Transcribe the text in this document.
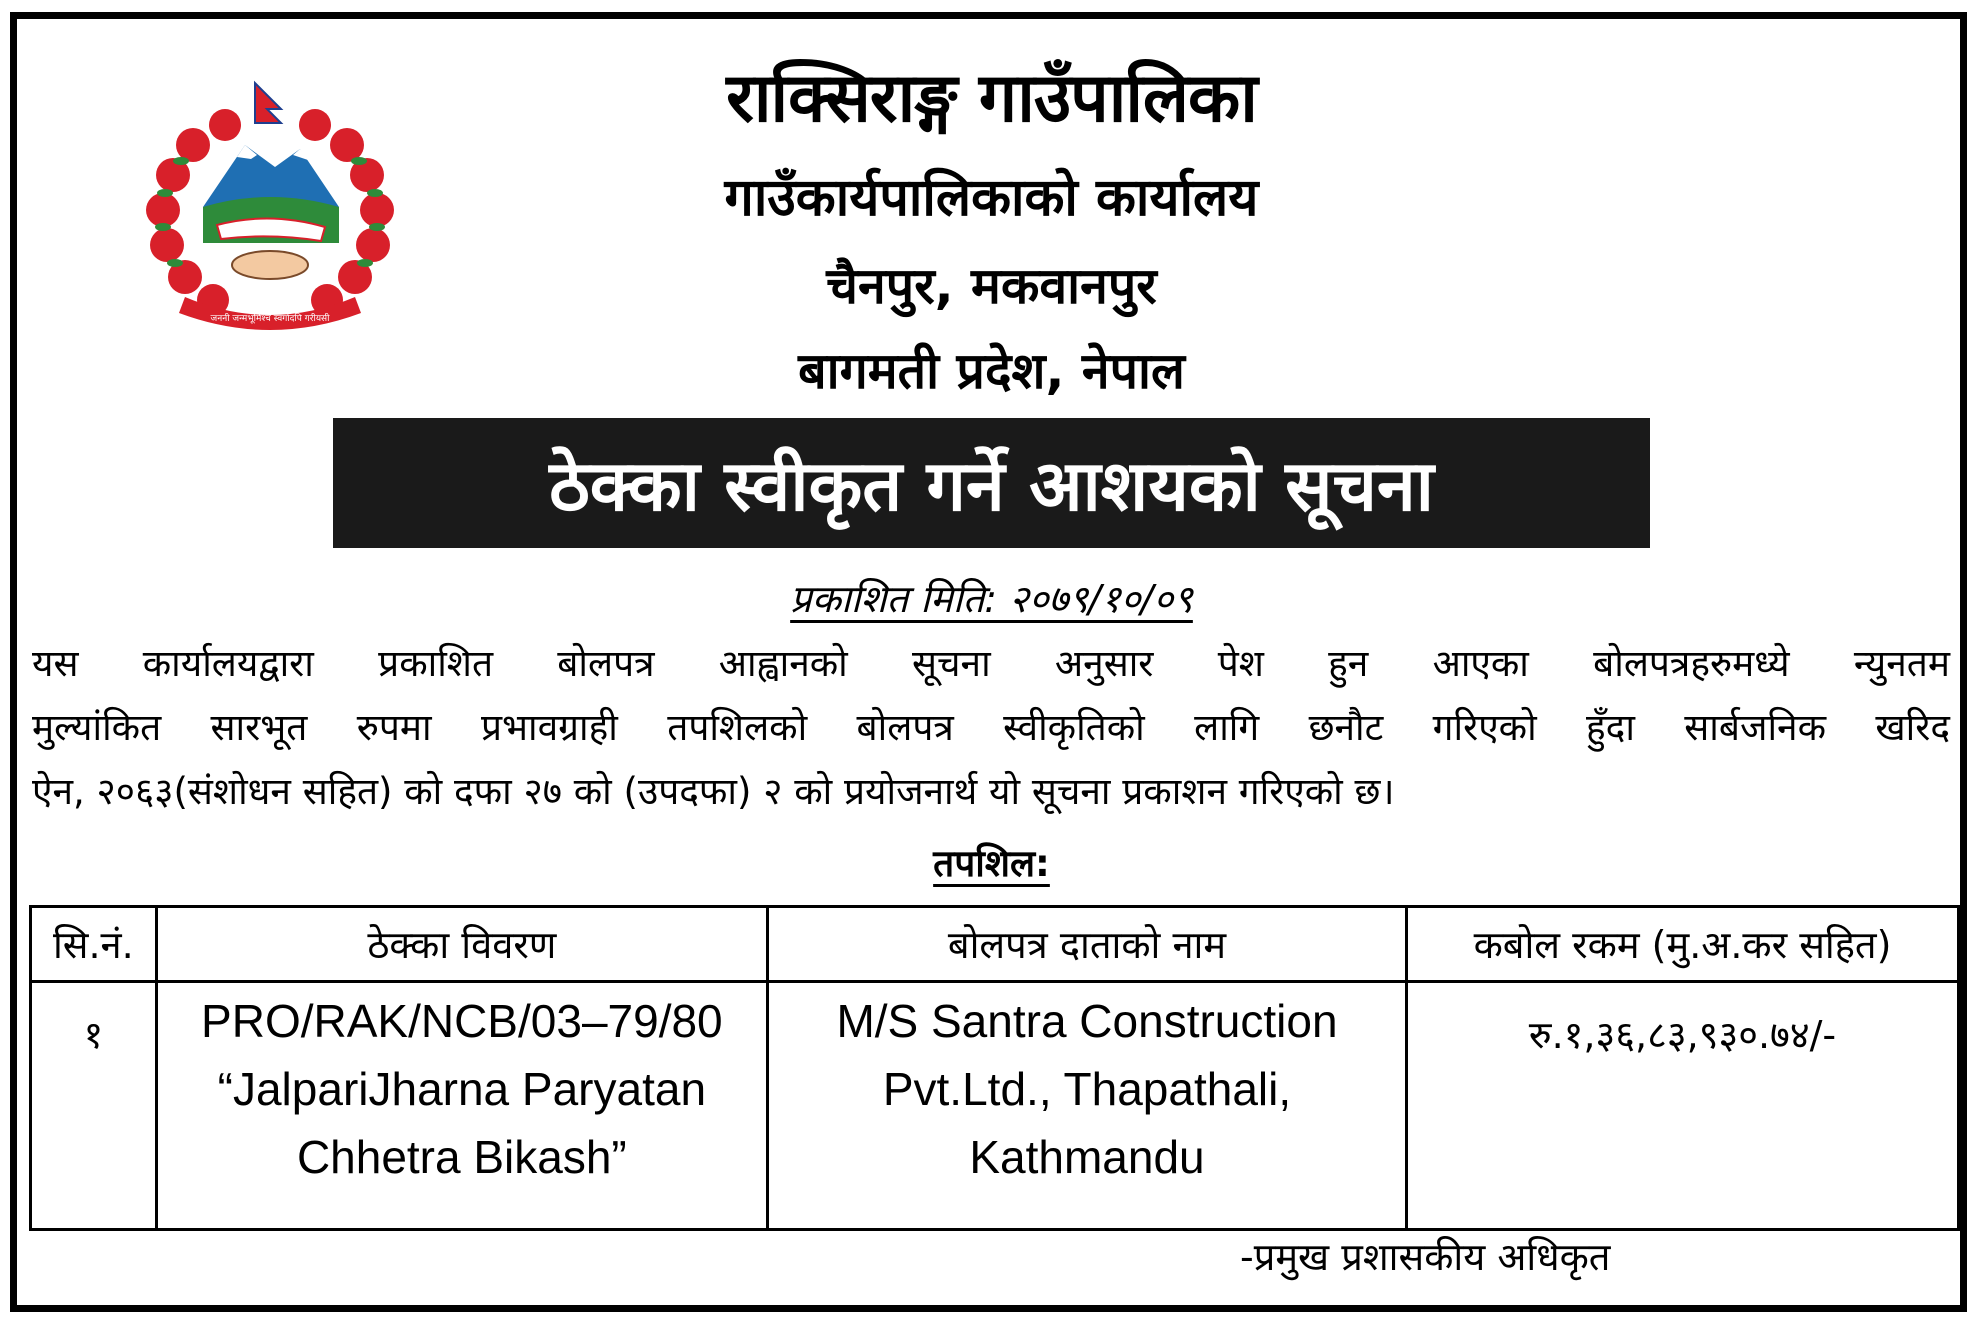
जननी जन्मभूमिश्च स्वर्गादपि गरीयसी
राक्सिराङ्ग गाउँपालिका
गाउँकार्यपालिकाको कार्यालय
चैनपुर, मकवानपुर
बागमती प्रदेश, नेपाल
ठेक्का स्वीकृत गर्ने आशयको सूचना
प्रकाशित मिति: २०७९/१०/०९
यस कार्यालयद्वारा प्रकाशित बोलपत्र आह्वानको सूचना अनुसार पेश हुन आएका बोलपत्रहरुमध्ये न्युनतम
मुल्यांकित सारभूत रुपमा प्रभावग्राही तपशिलको बोलपत्र स्वीकृतिको लागि छनौट गरिएको हुँदा सार्बजनिक खरिद
ऐन, २०६३(संशोधन सहित) को दफा २७ को (उपदफा) २ को प्रयोजनार्थ यो सूचना प्रकाशन गरिएको छ।
तपशिल:
सि.नं.	ठेक्का विवरण	बोलपत्र दाताको नाम	कबोल रकम (मु.अ.कर सहित)
१	PRO/RAK/NCB/03–79/80
“JalpariJharna Paryatan
Chhetra Bikash”	M/S Santra Construction
Pvt.Ltd., Thapathali,
Kathmandu	रु.१,३६,८३,९३०.७४/-
-प्रमुख प्रशासकीय अधिकृत
